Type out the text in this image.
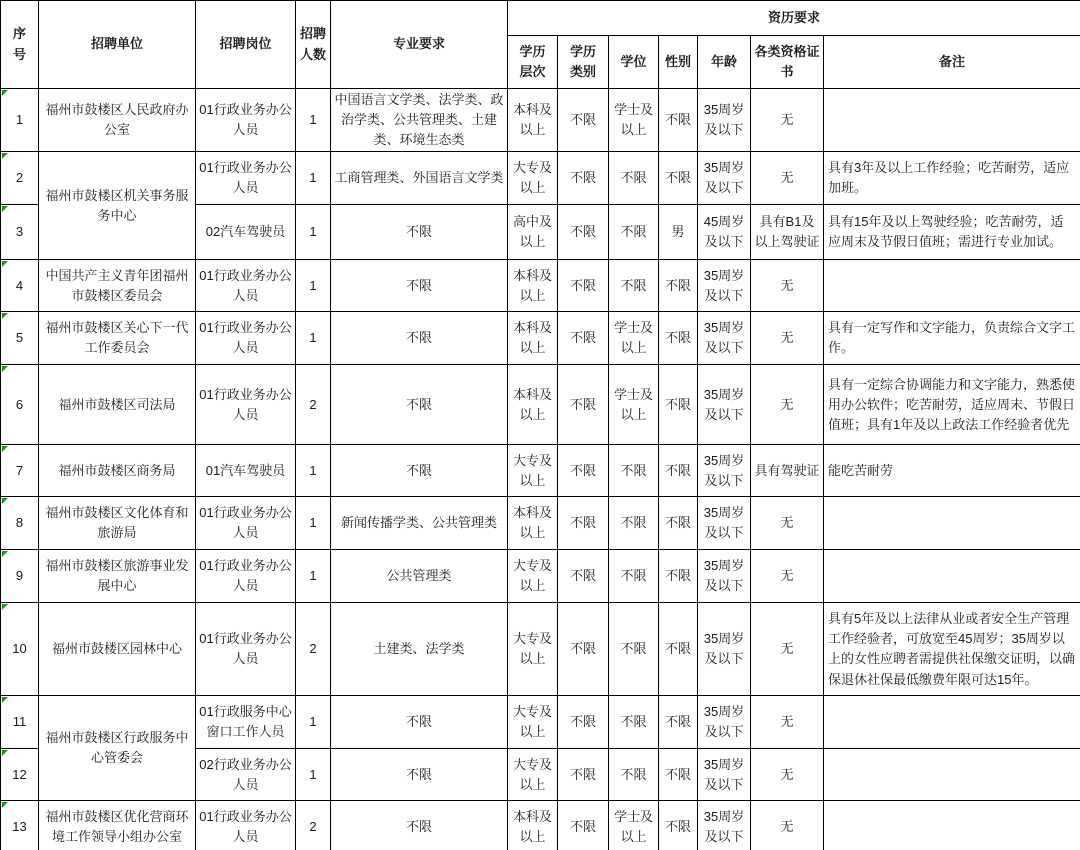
序号	招聘单位	招聘岗位	招聘人数	专业要求	资历要求						
					学历层次	学历类别	学位	性别	年龄	各类资格证书	备注

1	福州市鼓楼区人民政府办公室	01行政业务办公人员	1	中国语言文学类、法学类、政治学类、公共管理类、土建类、环境生态类	本科及以上	不限	学士及以上	不限	35周岁及以下	无	

2	福州市鼓楼区机关事务服务中心	01行政业务办公人员	1	工商管理类、外国语言文学类	大专及以上	不限	不限	不限	35周岁及以下	无	具有3年及以上工作经验；吃苦耐劳，适应加班。

3		02汽车驾驶员	1	不限	高中及以上	不限	不限	男	45周岁及以下	具有B1及以上驾驶证	具有15年及以上驾驶经验；吃苦耐劳，适应周末及节假日值班；需进行专业加试。

4	中国共产主义青年团福州市鼓楼区委员会	01行政业务办公人员	1	不限	本科及以上	不限	不限	不限	35周岁及以下	无	

5	福州市鼓楼区关心下一代工作委员会	01行政业务办公人员	1	不限	本科及以上	不限	学士及以上	不限	35周岁及以下	无	具有一定写作和文字能力，负责综合文字工作。

6	福州市鼓楼区司法局	01行政业务办公人员	2	不限	本科及以上	不限	学士及以上	不限	35周岁及以下	无	具有一定综合协调能力和文字能力，熟悉使用办公软件；吃苦耐劳，适应周末、节假日值班；具有1年及以上政法工作经验者优先

7	福州市鼓楼区商务局	01汽车驾驶员	1	不限	大专及以上	不限	不限	不限	35周岁及以下	具有驾驶证	能吃苦耐劳

8	福州市鼓楼区文化体育和旅游局	01行政业务办公人员	1	新闻传播学类、公共管理类	本科及以上	不限	不限	不限	35周岁及以下	无	

9	福州市鼓楼区旅游事业发展中心	01行政业务办公人员	1	公共管理类	大专及以上	不限	不限	不限	35周岁及以下	无	

10	福州市鼓楼区园林中心	01行政业务办公人员	2	土建类、法学类	大专及以上	不限	不限	不限	35周岁及以下	无	具有5年及以上法律从业或者安全生产管理工作经验者，可放宽至45周岁；35周岁以上的女性应聘者需提供社保缴交证明，以确保退休社保最低缴费年限可达15年。

11	福州市鼓楼区行政服务中心管委会	01行政服务中心窗口工作人员	1	不限	大专及以上	不限	不限	不限	35周岁及以下	无	

12		02行政业务办公人员	1	不限	大专及以上	不限	不限	不限	35周岁及以下	无	

13	福州市鼓楼区优化营商环境工作领导小组办公室	01行政业务办公人员	2	不限	本科及以上	不限	学士及以上	不限	35周岁及以下	无	
